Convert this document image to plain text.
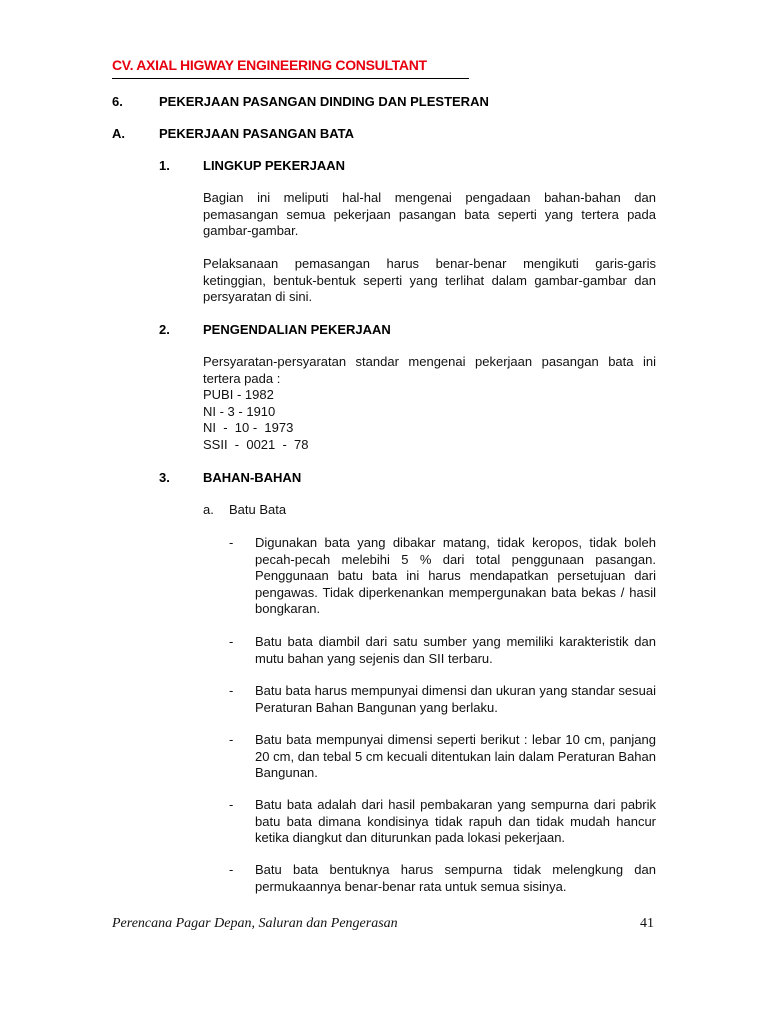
CV. AXIAL HIGWAY ENGINEERING CONSULTANT
6.	PEKERJAAN PASANGAN DINDING DAN PLESTERAN
A.	PEKERJAAN PASANGAN BATA
1.	LINGKUP PEKERJAAN
Bagian ini meliputi hal-hal mengenai pengadaan bahan-bahan dan pemasangan semua pekerjaan pasangan bata seperti yang tertera pada gambar-gambar.
Pelaksanaan pemasangan harus benar-benar mengikuti garis-garis ketinggian, bentuk-bentuk seperti yang terlihat dalam gambar-gambar dan persyaratan di sini.
2.	PENGENDALIAN PEKERJAAN
Persyaratan-persyaratan standar mengenai pekerjaan pasangan bata ini tertera pada :
PUBI - 1982
NI - 3 - 1910
NI  -  10 -  1973
SSII  -  0021  -  78
3.	BAHAN-BAHAN
a. Batu Bata
- Digunakan bata yang dibakar matang, tidak keropos, tidak boleh pecah-pecah melebihi 5 % dari total penggunaan pasangan. Penggunaan batu bata ini harus mendapatkan persetujuan dari pengawas. Tidak diperkenankan mempergunakan bata bekas / hasil bongkaran.
- Batu bata diambil dari satu sumber yang memiliki karakteristik dan mutu bahan yang sejenis dan SII terbaru.
- Batu bata harus mempunyai dimensi dan ukuran yang standar sesuai Peraturan Bahan Bangunan yang berlaku.
- Batu bata mempunyai dimensi seperti berikut : lebar 10 cm, panjang 20 cm, dan tebal 5 cm kecuali ditentukan lain dalam Peraturan Bahan Bangunan.
- Batu bata adalah dari hasil pembakaran yang sempurna dari pabrik batu bata dimana kondisinya tidak rapuh dan tidak mudah hancur ketika diangkut dan diturunkan pada lokasi pekerjaan.
- Batu bata bentuknya harus sempurna tidak melengkung dan permukaannya benar-benar rata untuk semua sisinya.
Perencana Pagar Depan, Saluran dan Pengerasan	41
